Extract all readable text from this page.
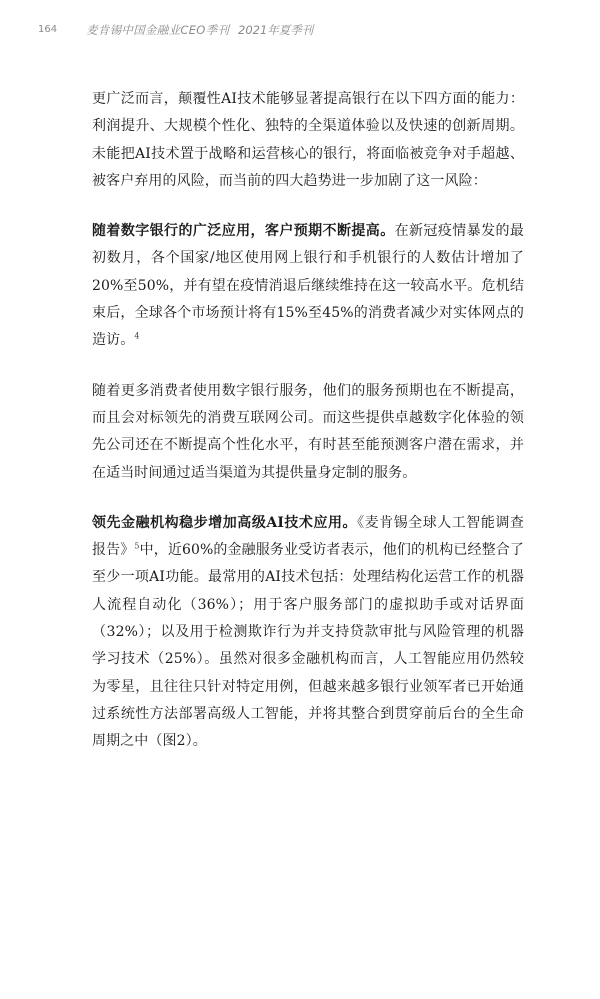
164	麦肯锡中国金融业CEO季刊 2021年夏季刊

更广泛而言，颠覆性AI技术能够显著提高银行在以下四方面的能力：利润提升、大规模个性化、独特的全渠道体验以及快速的创新周期。未能把AI技术置于战略和运营核心的银行，将面临被竞争对手超越、被客户弃用的风险，而当前的四大趋势进一步加剧了这一风险：

随着数字银行的广泛应用，客户预期不断提高。在新冠疫情暴发的最初数月，各个国家/地区使用网上银行和手机银行的人数估计增加了20%至50%，并有望在疫情消退后继续维持在这一较高水平。危机结束后，全球各个市场预计将有15%至45%的消费者减少对实体网点的造访。$^4$

随着更多消费者使用数字银行服务，他们的服务预期也在不断提高，而且会对标领先的消费互联网公司。而这些提供卓越数字化体验的领先公司还在不断提高个性化水平，有时甚至能预测客户潜在需求，并在适当时间通过适当渠道为其提供量身定制的服务。

领先金融机构稳步增加高级AI技术应用。《麦肯锡全球人工智能调查报告》$^5$中，近60%的金融服务业受访者表示，他们的机构已经整合了至少一项AI功能。最常用的AI技术包括：处理结构化运营工作的机器人流程自动化（36%）；用于客户服务部门的虚拟助手或对话界面（32%）；以及用于检测欺诈行为并支持贷款审批与风险管理的机器学习技术（25%）。虽然对很多金融机构而言，人工智能应用仍然较为零星，且往往只针对特定用例，但越来越多银行业领军者已开始通过系统性方法部署高级人工智能，并将其整合到贯穿前后台的全生命周期之中（图2）。
